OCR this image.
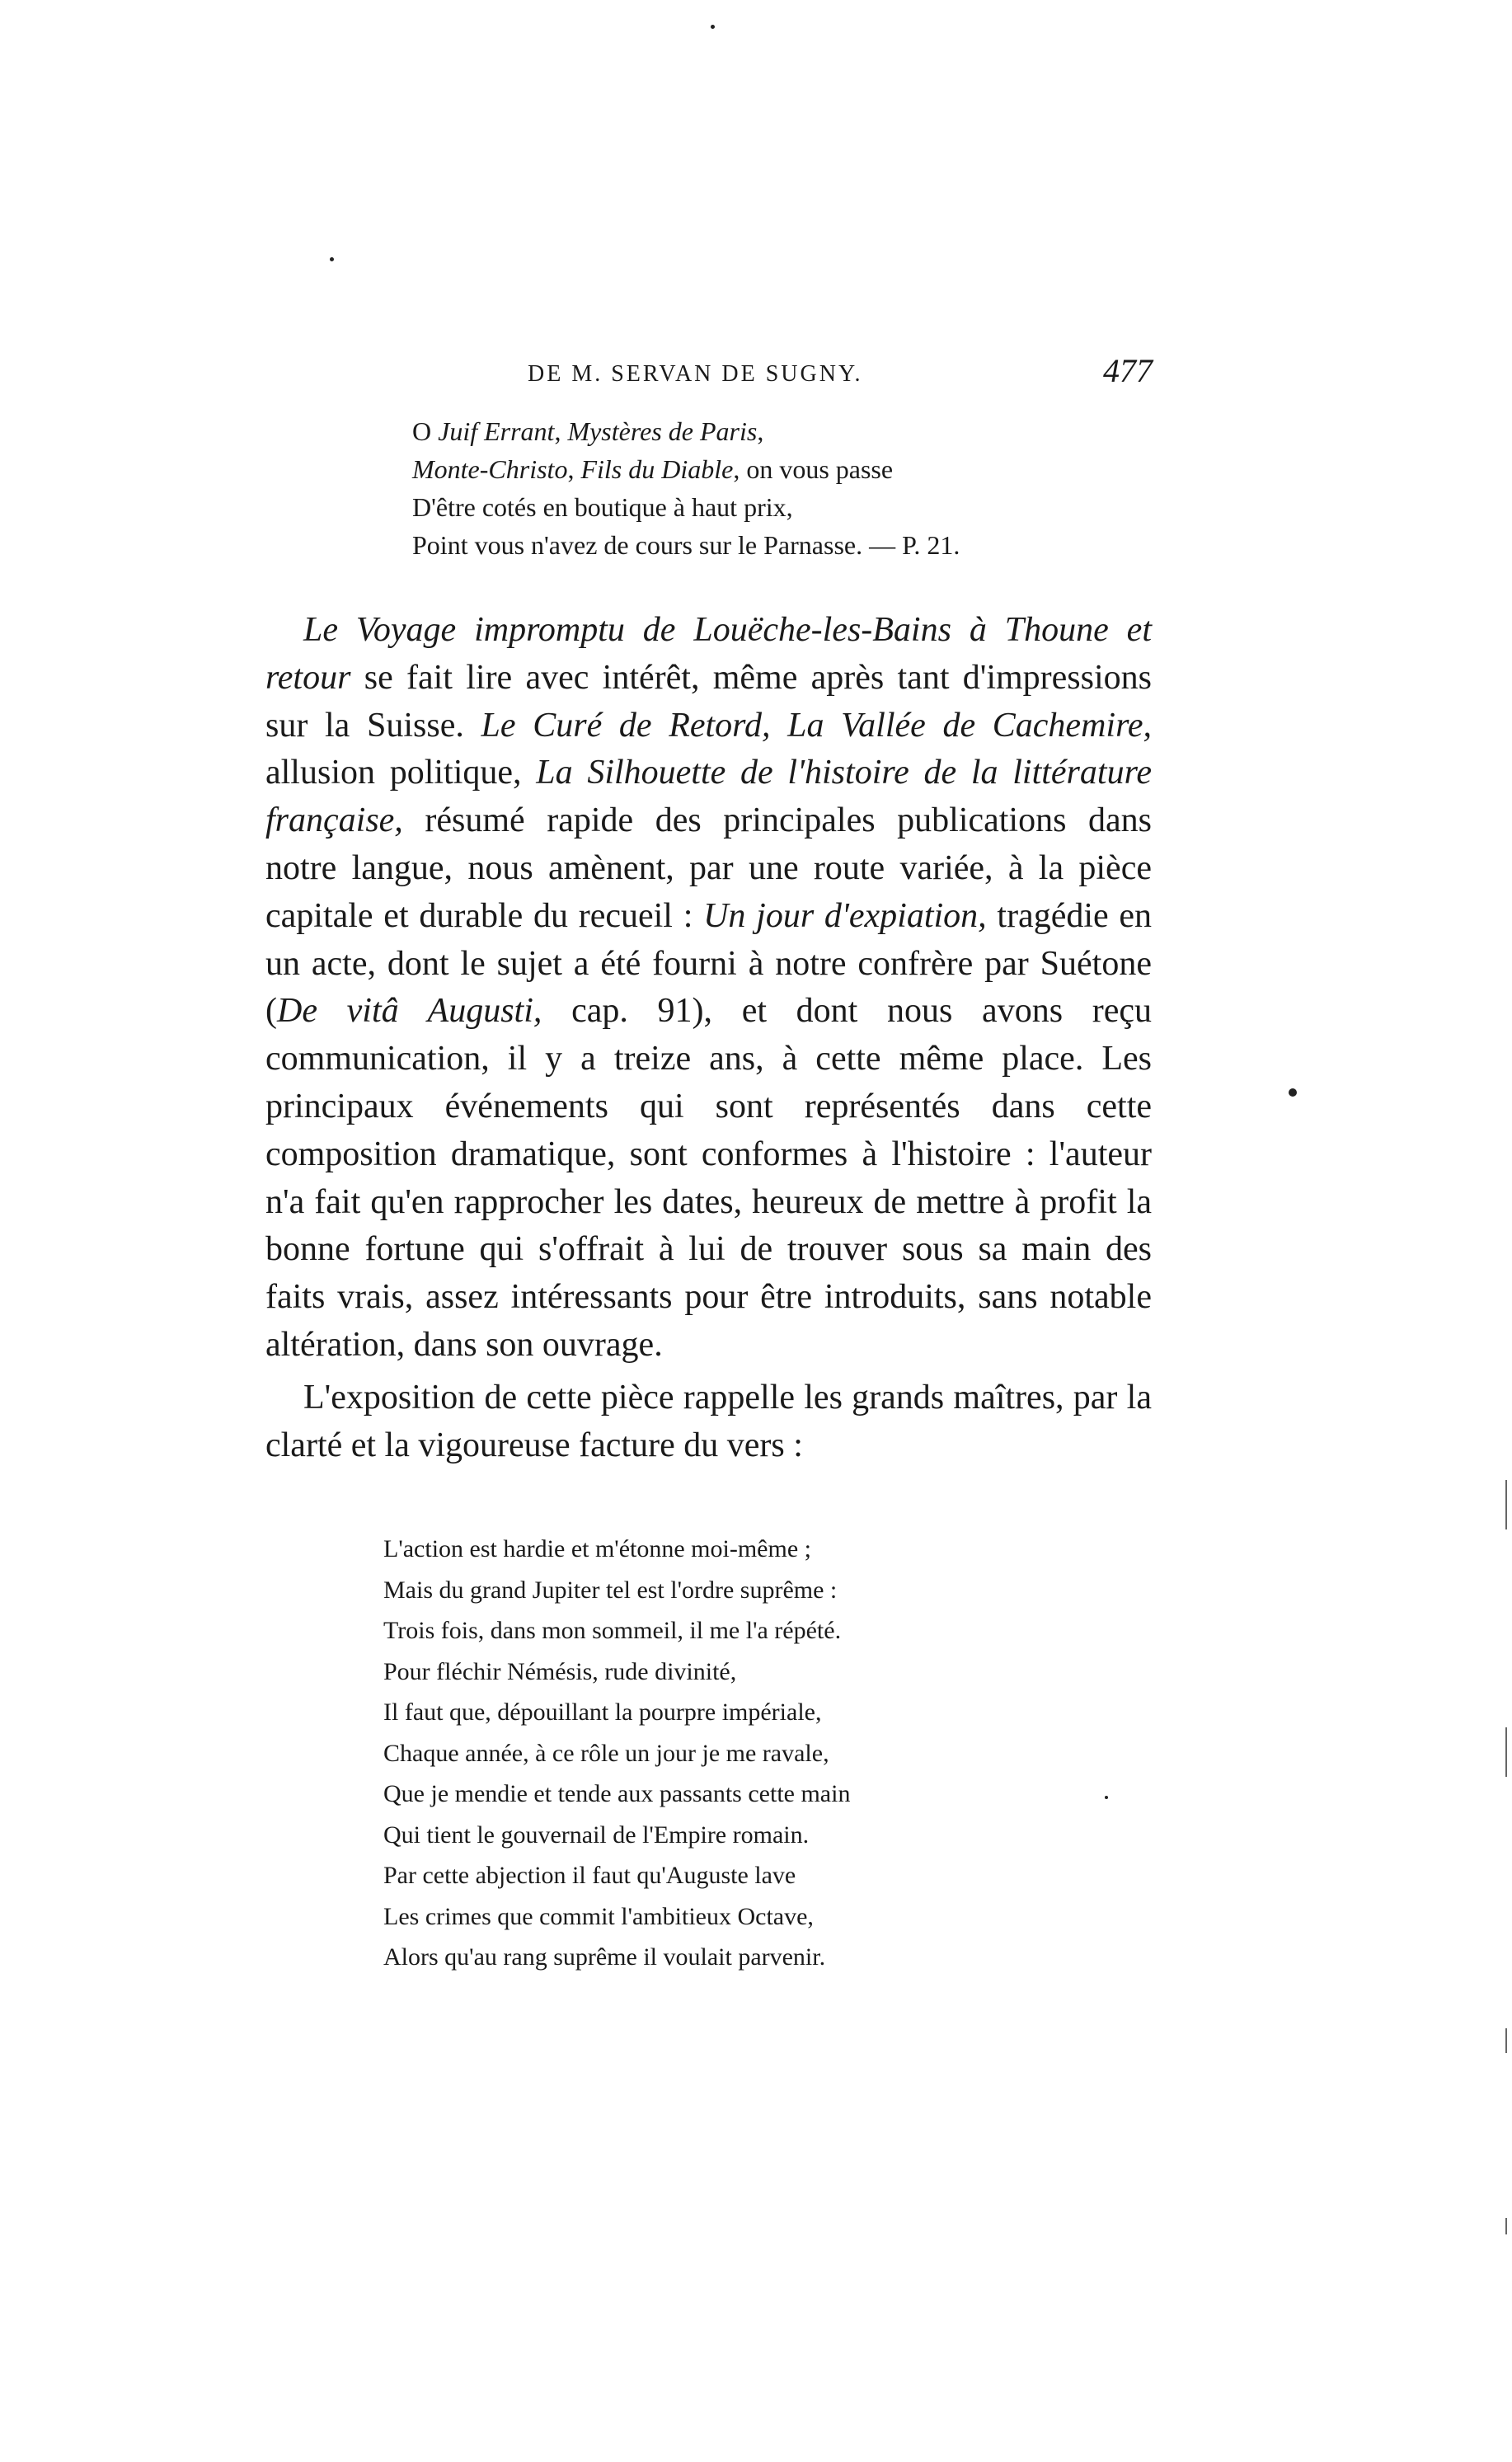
DE M. SERVAN DE SUGNY.	477
O Juif Errant, Mystères de Paris,
Monte-Christo, Fils du Diable, on vous passe
D'être cotés en boutique à haut prix,
Point vous n'avez de cours sur le Parnasse. — P. 21.

Le Voyage impromptu de Louëche-les-Bains à Thoune et retour se fait lire avec intérêt, même après tant d'impressions sur la Suisse. Le Curé de Retord, La Vallée de Cachemire, allusion politique, La Silhouette de l'histoire de la littérature française, résumé rapide des principales publications dans notre langue, nous amènent, par une route variée, à la pièce capitale et durable du recueil : Un jour d'expiation, tragédie en un acte, dont le sujet a été fourni à notre confrère par Suétone (De vitâ Augusti, cap. 91), et dont nous avons reçu communication, il y a treize ans, à cette même place. Les principaux événements qui sont représentés dans cette composition dramatique, sont conformes à l'histoire : l'auteur n'a fait qu'en rapprocher les dates, heureux de mettre à profit la bonne fortune qui s'offrait à lui de trouver sous sa main des faits vrais, assez intéressants pour être introduits, sans notable altération, dans son ouvrage.

L'exposition de cette pièce rappelle les grands maîtres, par la clarté et la vigoureuse facture du vers :

L'action est hardie et m'étonne moi-même ;
Mais du grand Jupiter tel est l'ordre suprême :
Trois fois, dans mon sommeil, il me l'a répété.
Pour fléchir Némésis, rude divinité,
Il faut que, dépouillant la pourpre impériale,
Chaque année, à ce rôle un jour je me ravale,
Que je mendie et tende aux passants cette main
Qui tient le gouvernail de l'Empire romain.
Par cette abjection il faut qu'Auguste lave
Les crimes que commit l'ambitieux Octave,
Alors qu'au rang suprême il voulait parvenir.
